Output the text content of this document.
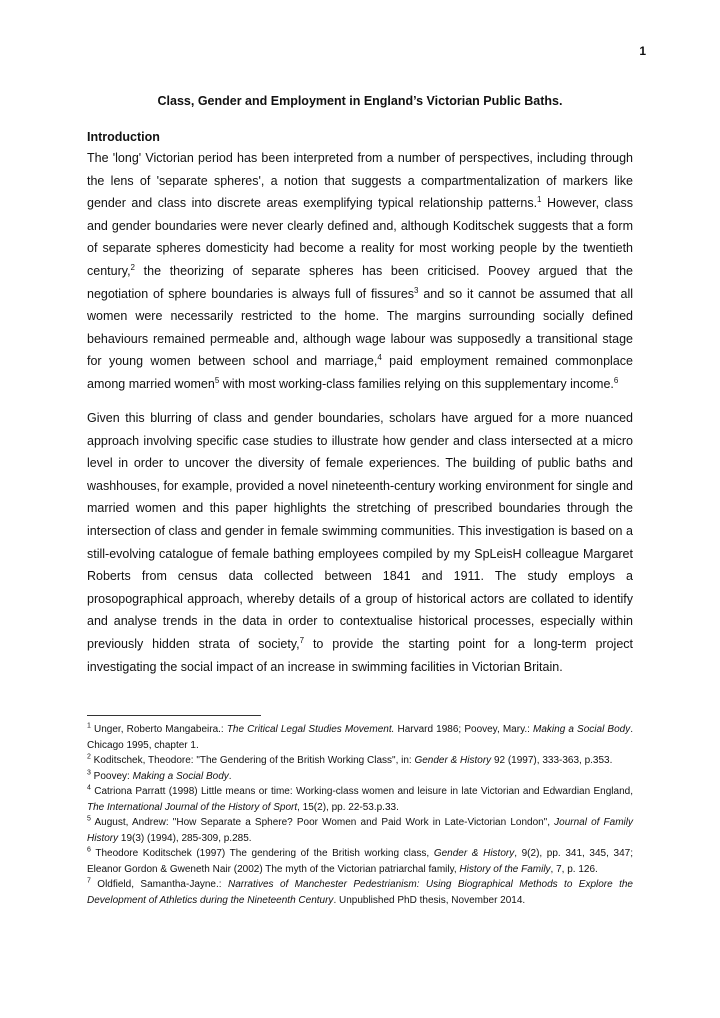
1
Class, Gender and Employment in England’s Victorian Public Baths.
Introduction

The 'long' Victorian period has been interpreted from a number of perspectives, including through the lens of 'separate spheres', a notion that suggests a compartmentalization of markers like gender and class into discrete areas exemplifying typical relationship patterns.$^1$ However, class and gender boundaries were never clearly defined and, although Koditschek suggests that a form of separate spheres domesticity had become a reality for most working people by the twentieth century,$^2$ the theorizing of separate spheres has been criticised. Poovey argued that the negotiation of sphere boundaries is always full of fissures$^3$ and so it cannot be assumed that all women were necessarily restricted to the home. The margins surrounding socially defined behaviours remained permeable and, although wage labour was supposedly a transitional stage for young women between school and marriage,$^4$ paid employment remained commonplace among married women$^5$ with most working-class families relying on this supplementary income.$^6$

Given this blurring of class and gender boundaries, scholars have argued for a more nuanced approach involving specific case studies to illustrate how gender and class intersected at a micro level in order to uncover the diversity of female experiences. The building of public baths and washhouses, for example, provided a novel nineteenth-century working environment for single and married women and this paper highlights the stretching of prescribed boundaries through the intersection of class and gender in female swimming communities. This investigation is based on a still-evolving catalogue of female bathing employees compiled by my SpLeisH colleague Margaret Roberts from census data collected between 1841 and 1911. The study employs a prosopographical approach, whereby details of a group of historical actors are collated to identify and analyse trends in the data in order to contextualise historical processes, especially within previously hidden strata of society,$^7$ to provide the starting point for a long-term project investigating the social impact of an increase in swimming facilities in Victorian Britain.

$^1$ Unger, Roberto Mangabeira.: The Critical Legal Studies Movement. Harvard 1986; Poovey, Mary.: Making a Social Body. Chicago 1995, chapter 1.

$^2$ Koditschek, Theodore: "The Gendering of the British Working Class", in: Gender & History 92 (1997), 333-363, p.353.

$^3$ Poovey: Making a Social Body.

$^4$ Catriona Parratt (1998) Little means or time: Working-class women and leisure in late Victorian and Edwardian England, The International Journal of the History of Sport, 15(2), pp. 22-53.p.33.

$^5$ August, Andrew: "How Separate a Sphere? Poor Women and Paid Work in Late-Victorian London", Journal of Family History 19(3) (1994), 285-309, p.285.

$^6$ Theodore Koditschek (1997) The gendering of the British working class, Gender & History, 9(2), pp. 341, 345, 347; Eleanor Gordon & Gweneth Nair (2002) The myth of the Victorian patriarchal family, History of the Family, 7, p. 126.

$^7$ Oldfield, Samantha-Jayne.: Narratives of Manchester Pedestrianism: Using Biographical Methods to Explore the Development of Athletics during the Nineteenth Century. Unpublished PhD thesis, November 2014.
